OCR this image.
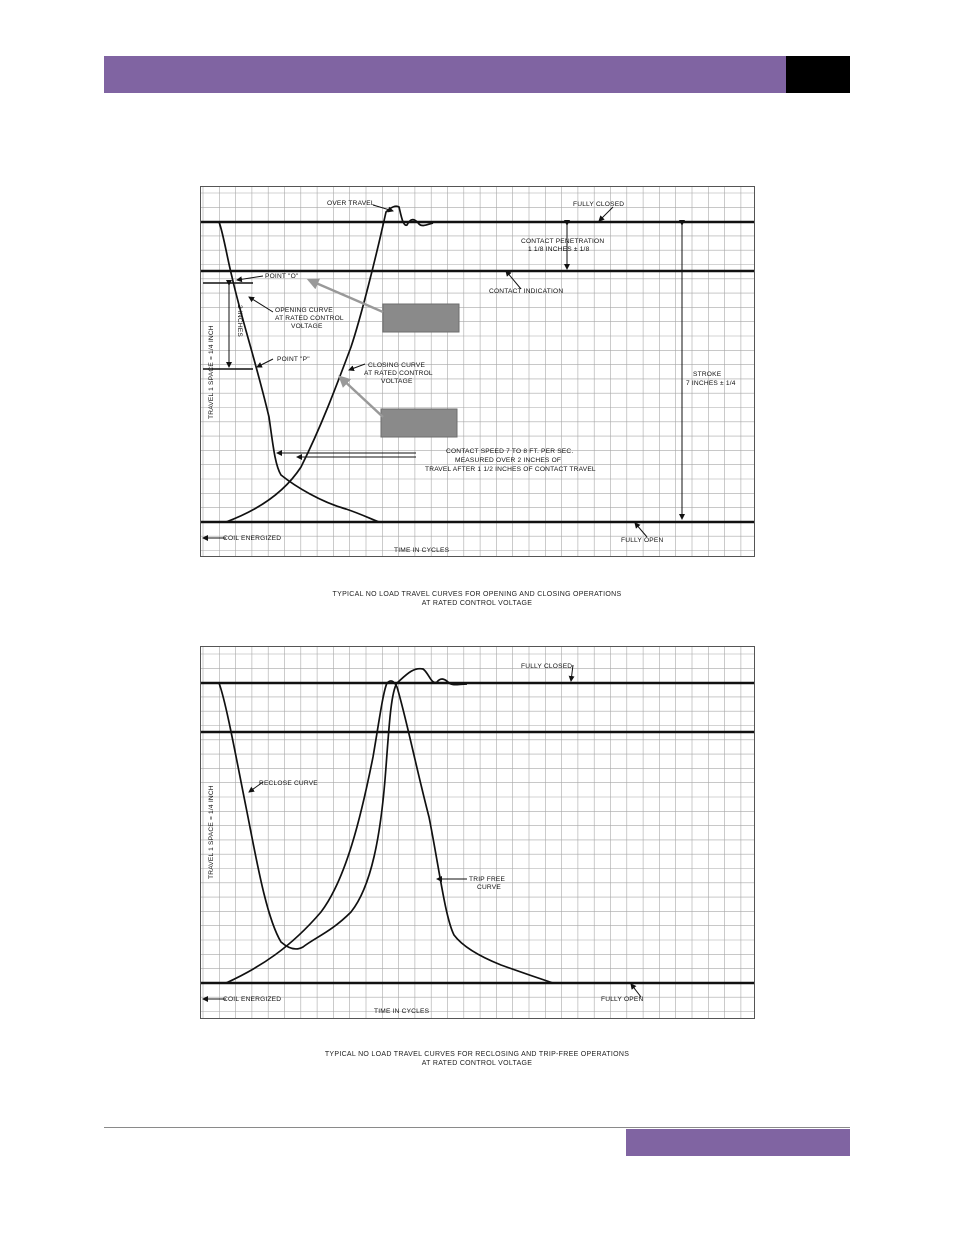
OVER TRAVEL	FULLY CLOSED
CONTACT PENETRATION
1 1/8 INCHES ± 1/8
CONTACT INDICATION
POINT "O"
OPENING CURVE
AT RATED CONTROL
VOLTAGE
2 INCHES
TRAVEL 1 SPACE = 1/4 INCH	POINT "P"
CLOSING CURVE
AT RATED CONTROL
VOLTAGE
STROKE
7 INCHES ± 1/4
CONTACT SPEED 7 TO 8 FT. PER SEC.
MEASURED OVER 2 INCHES OF
TRAVEL AFTER 1 1/2 INCHES OF CONTACT TRAVEL
COIL ENERGIZED
TIME IN CYCLES
FULLY OPEN
TYPICAL NO LOAD TRAVEL CURVES FOR OPENING AND CLOSING OPERATIONS
AT RATED CONTROL VOLTAGE
FULLY CLOSED
RECLOSE CURVE
TRAVEL 1 SPACE = 1/4 INCH
TRIP FREE
CURVE
COIL ENERGIZED
TIME IN CYCLES
FULLY OPEN
TYPICAL NO LOAD TRAVEL CURVES FOR RECLOSING AND TRIP-FREE OPERATIONS
AT RATED CONTROL VOLTAGE
